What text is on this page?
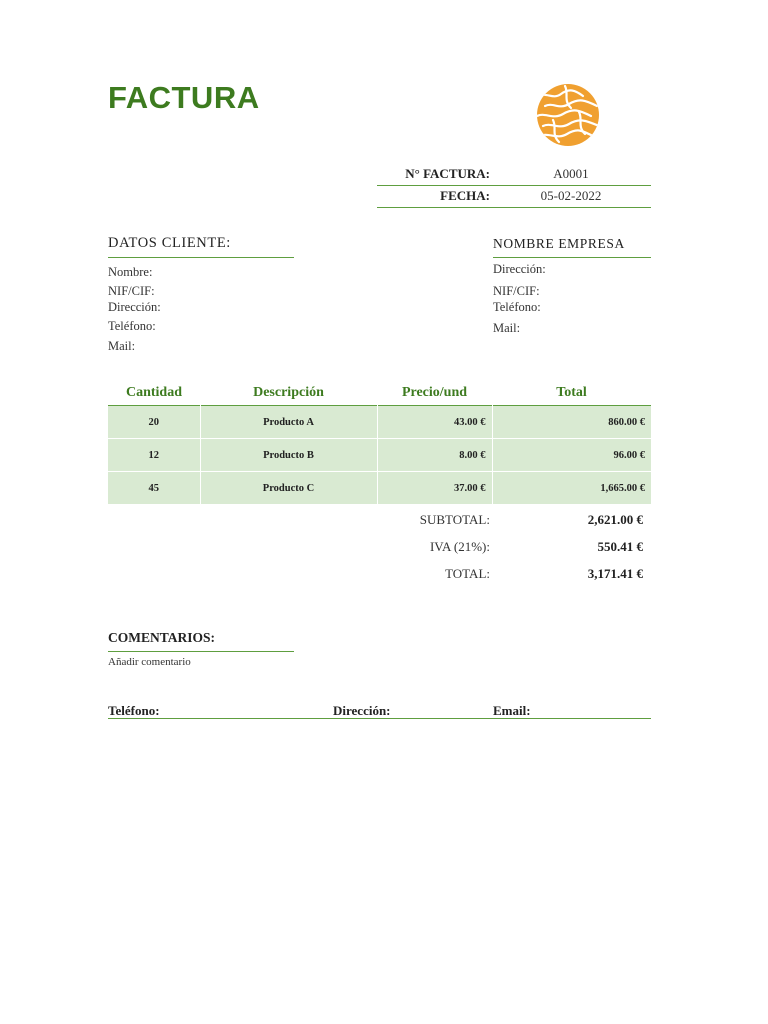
FACTURA
N° FACTURA:	A0001
FECHA:	05-02-2022
DATOS CLIENTE:
Nombre:
NIF/CIF:
Dirección:
Teléfono:
Mail:
NOMBRE EMPRESA
Dirección:
NIF/CIF:
Teléfono:
Mail:
Cantidad	Descripción	Precio/und	Total
20	Producto A	43.00 €	860.00 €
12	Producto B	8.00 €	96.00 €
45	Producto C	37.00 €	1,665.00 €
SUBTOTAL:	2,621.00 €
IVA (21%):	550.41 €
TOTAL:	3,171.41 €
COMENTARIOS:
Añadir comentario
Teléfono:	Dirección:	Email:
